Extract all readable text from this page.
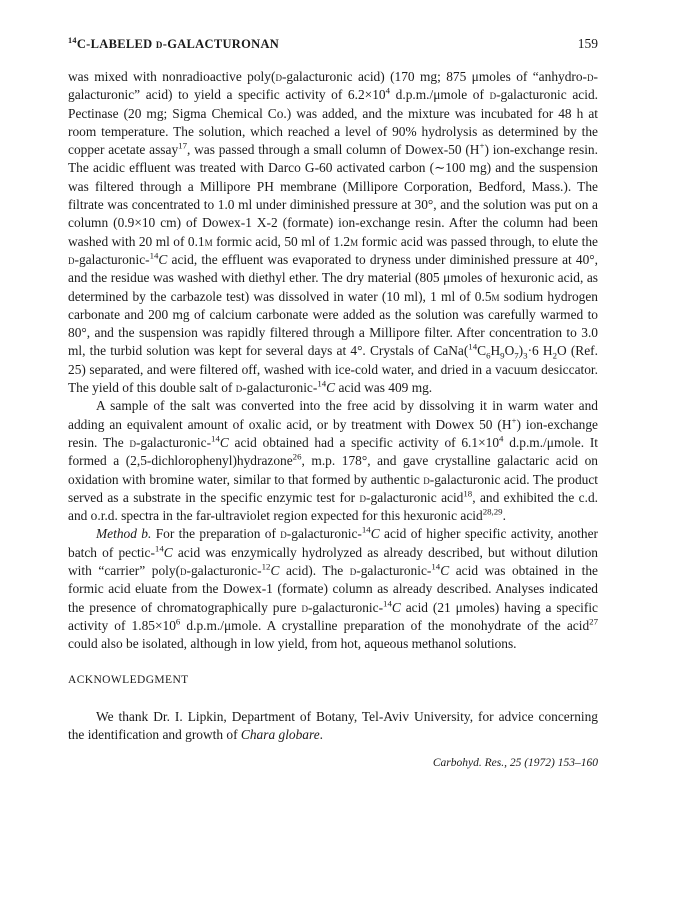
$^{14}$C-LABELED d-GALACTURONAN	159

was mixed with nonradioactive poly(d-galacturonic acid) (170 mg; 875 μmoles of “anhydro-d-galacturonic” acid) to yield a specific activity of $6.2\times 10^4$ d.p.m./μmole of d-galacturonic acid. Pectinase (20 mg; Sigma Chemical Co.) was added, and the mixture was incubated for 48 h at room temperature. The solution, which reached a level of 90% hydrolysis as determined by the copper acetate assay$^{17}$, was passed through a small column of Dowex-50 (H+) ion-exchange resin. The acidic effluent was treated with Darco G-60 activated carbon (∼100 mg) and the suspension was filtered through a Millipore PH membrane (Millipore Corporation, Bedford, Mass.). The filtrate was concentrated to 1.0 ml under diminished pressure at 30°, and the solution was put on a column (0.9×10 cm) of Dowex-1 X-2 (formate) ion-exchange resin. After the column had been washed with 20 ml of 0.1m formic acid, 50 ml of 1.2m formic acid was passed through, to elute the d-galacturonic-$^{14}$C acid, the effluent was evaporated to dryness under diminished pressure at 40°, and the residue was washed with diethyl ether. The dry material (805 μmoles of hexuronic acid, as determined by the carbazole test) was dissolved in water (10 ml), 1 ml of 0.5m sodium hydrogen carbonate and 200 mg of calcium carbonate were added as the solution was carefully warmed to 80°, and the suspension was rapidly filtered through a Millipore filter. After concentration to 3.0 ml, the turbid solution was kept for several days at 4°. Crystals of $CaNa(^{14}C_6H_9O_7)_3\cdot 6$ $H_2O$ (Ref. 25) separated, and were filtered off, washed with ice-cold water, and dried in a vacuum desiccator. The yield of this double salt of d-galacturonic-$^{14}$C acid was 409 mg.

A sample of the salt was converted into the free acid by dissolving it in warm water and adding an equivalent amount of oxalic acid, or by treatment with Dowex 50 (H+) ion-exchange resin. The d-galacturonic-$^{14}$C acid obtained had a specific activity of $6.1\times 10^4$ d.p.m./μmole. It formed a (2,5-dichlorophenyl)hydrazone$^{26}$, m.p. 178°, and gave crystalline galactaric acid on oxidation with bromine water, similar to that formed by authentic d-galacturonic acid. The product served as a substrate in the specific enzymic test for d-galacturonic acid$^{18}$, and exhibited the c.d. and o.r.d. spectra in the far-ultraviolet region expected for this hexuronic acid$^{28,29}$.

Method b. For the preparation of d-galacturonic-$^{14}$C acid of higher specific activity, another batch of pectic-$^{14}$C acid was enzymically hydrolyzed as already described, but without dilution with “carrier” poly(d-galacturonic-$^{12}$C acid). The d-galacturonic-$^{14}$C acid was obtained in the formic acid eluate from the Dowex-1 (formate) column as already described. Analyses indicated the presence of chromatographically pure d-galacturonic-$^{14}$C acid (21 μmoles) having a specific activity of $1.85\times 10^6$ d.p.m./μmole. A crystalline preparation of the monohydrate of the acid$^{27}$ could also be isolated, although in low yield, from hot, aqueous methanol solutions.

ACKNOWLEDGMENT

We thank Dr. I. Lipkin, Department of Botany, Tel-Aviv University, for advice concerning the identification and growth of Chara globare.

Carbohyd. Res., 25 (1972) 153–160
